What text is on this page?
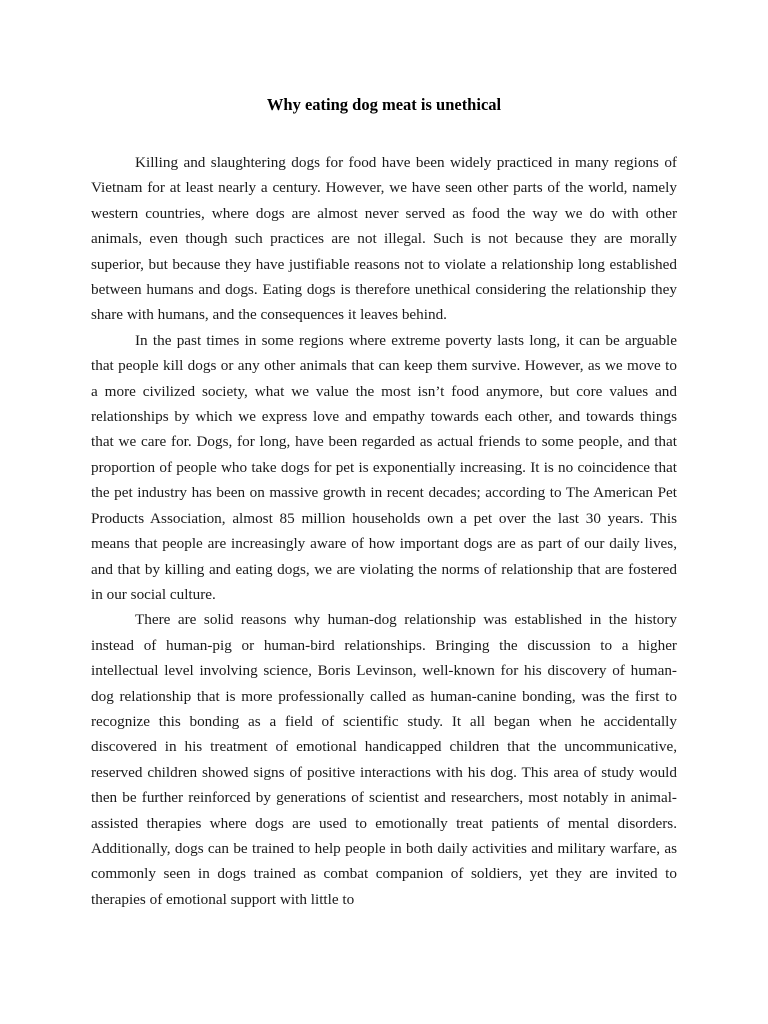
Why eating dog meat is unethical

Killing and slaughtering dogs for food have been widely practiced in many regions of Vietnam for at least nearly a century. However, we have seen other parts of the world, namely western countries, where dogs are almost never served as food the way we do with other animals, even though such practices are not illegal. Such is not because they are morally superior, but because they have justifiable reasons not to violate a relationship long established between humans and dogs. Eating dogs is therefore unethical considering the relationship they share with humans, and the consequences it leaves behind.

In the past times in some regions where extreme poverty lasts long, it can be arguable that people kill dogs or any other animals that can keep them survive. However, as we move to a more civilized society, what we value the most isn’t food anymore, but core values and relationships by which we express love and empathy towards each other, and towards things that we care for. Dogs, for long, have been regarded as actual friends to some people, and that proportion of people who take dogs for pet is exponentially increasing. It is no coincidence that the pet industry has been on massive growth in recent decades; according to The American Pet Products Association, almost 85 million households own a pet over the last 30 years. This means that people are increasingly aware of how important dogs are as part of our daily lives, and that by killing and eating dogs, we are violating the norms of relationship that are fostered in our social culture.

There are solid reasons why human-dog relationship was established in the history instead of human-pig or human-bird relationships. Bringing the discussion to a higher intellectual level involving science, Boris Levinson, well-known for his discovery of human-dog relationship that is more professionally called as human-canine bonding, was the first to recognize this bonding as a field of scientific study. It all began when he accidentally discovered in his treatment of emotional handicapped children that the uncommunicative, reserved children showed signs of positive interactions with his dog. This area of study would then be further reinforced by generations of scientist and researchers, most notably in animal-assisted therapies where dogs are used to emotionally treat patients of mental disorders. Additionally, dogs can be trained to help people in both daily activities and military warfare, as commonly seen in dogs trained as combat companion of soldiers, yet they are invited to therapies of emotional support with little to
